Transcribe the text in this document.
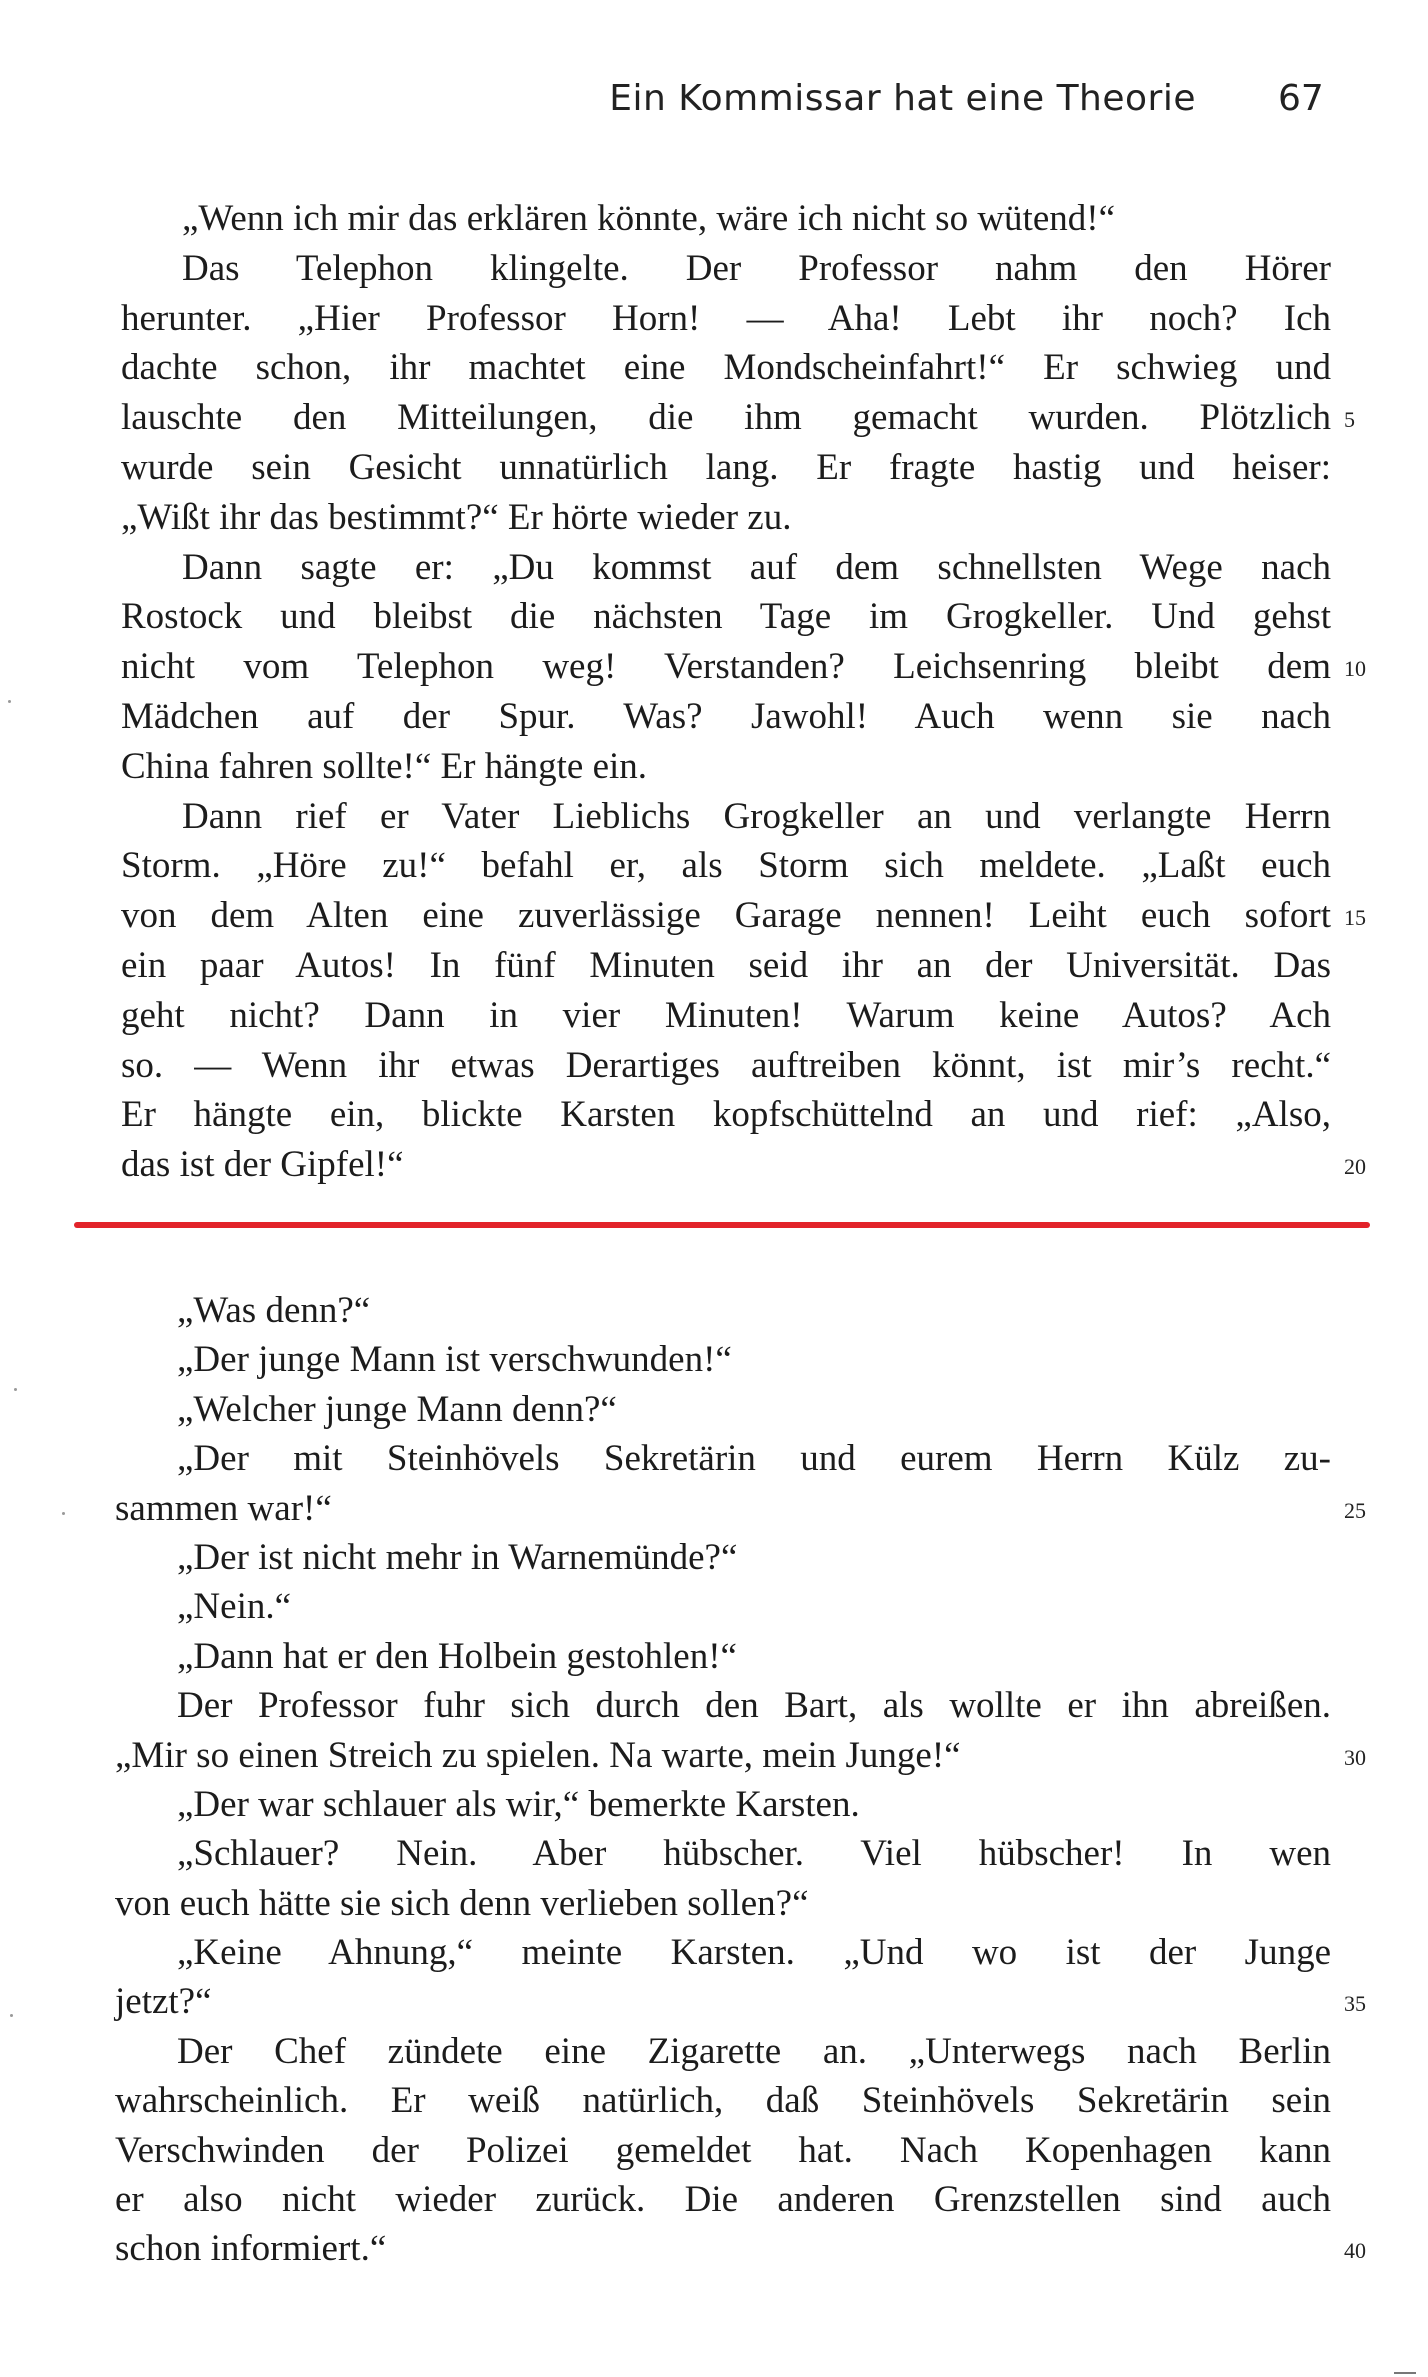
Ein Kommissar hat eine Theorie 67
„Wenn ich mir das erklären könnte, wäre ich nicht so wütend!“
Das Telephon klingelte. Der Professor nahm den Hörer
herunter. „Hier Professor Horn! — Aha! Lebt ihr noch? Ich
dachte schon, ihr machtet eine Mondscheinfahrt!“ Er schwieg und
lauschte den Mitteilungen, die ihm gemacht wurden. Plötzlich 5
wurde sein Gesicht unnatürlich lang. Er fragte hastig und heiser:
„Wißt ihr das bestimmt?“ Er hörte wieder zu.
Dann sagte er: „Du kommst auf dem schnellsten Wege nach
Rostock und bleibst die nächsten Tage im Grogkeller. Und gehst
nicht vom Telephon weg! Verstanden? Leichsenring bleibt dem 10
Mädchen auf der Spur. Was? Jawohl! Auch wenn sie nach
China fahren sollte!“ Er hängte ein.
Dann rief er Vater Lieblichs Grogkeller an und verlangte Herrn
Storm. „Höre zu!“ befahl er, als Storm sich meldete. „Laßt euch
von dem Alten eine zuverlässige Garage nennen! Leiht euch sofort 15
ein paar Autos! In fünf Minuten seid ihr an der Universität. Das
geht nicht? Dann in vier Minuten! Warum keine Autos? Ach
so. — Wenn ihr etwas Derartiges auftreiben könnt, ist mir’s recht.“
Er hängte ein, blickte Karsten kopfschüttelnd an und rief: „Also,
das ist der Gipfel!“	20
„Was denn?“
„Der junge Mann ist verschwunden!“
„Welcher junge Mann denn?“
„Der mit Steinhövels Sekretärin und eurem Herrn Külz zu-
sammen war!“	25
„Der ist nicht mehr in Warnemünde?“
„Nein.“
„Dann hat er den Holbein gestohlen!“
Der Professor fuhr sich durch den Bart, als wollte er ihn abreißen.
„Mir so einen Streich zu spielen. Na warte, mein Junge!“	30
„Der war schlauer als wir,“ bemerkte Karsten.
„Schlauer? Nein. Aber hübscher. Viel hübscher! In wen
von euch hätte sie sich denn verlieben sollen?“
„Keine Ahnung,“ meinte Karsten. „Und wo ist der Junge
jetzt?“	35
Der Chef zündete eine Zigarette an. „Unterwegs nach Berlin
wahrscheinlich. Er weiß natürlich, daß Steinhövels Sekretärin sein
Verschwinden der Polizei gemeldet hat. Nach Kopenhagen kann
er also nicht wieder zurück. Die anderen Grenzstellen sind auch
schon informiert.“	40
